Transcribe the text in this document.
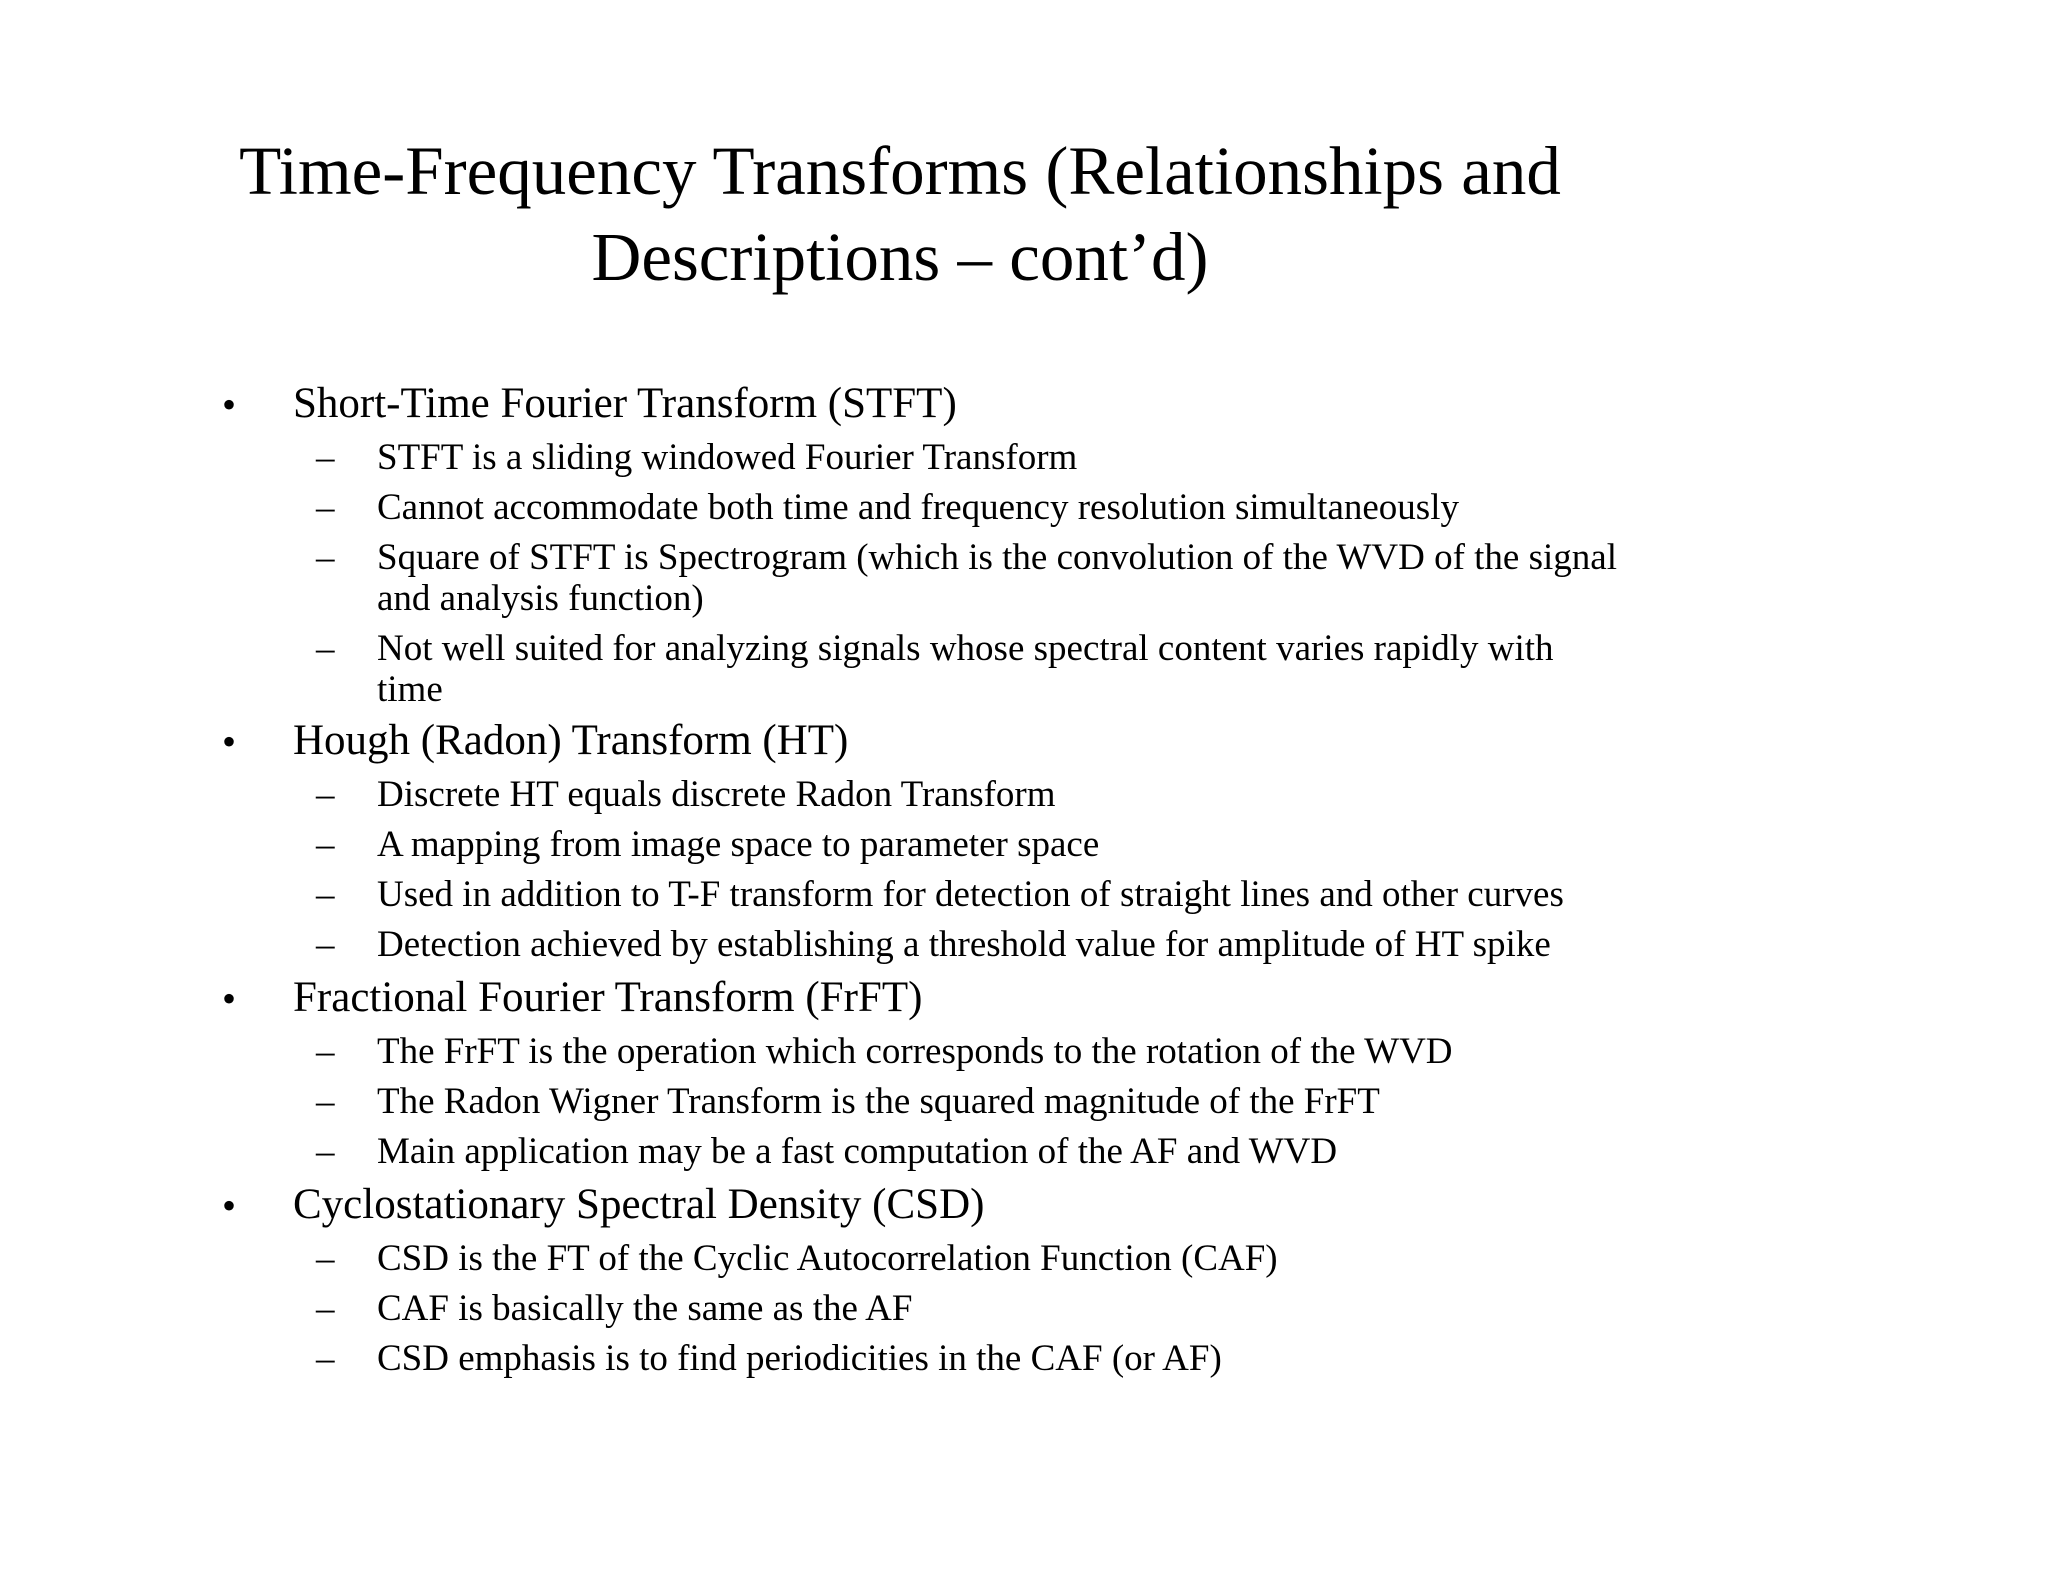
Time-Frequency Transforms (Relationships and
Descriptions – cont’d)
• Short-Time Fourier Transform (STFT)
– STFT is a sliding windowed Fourier Transform
– Cannot accommodate both time and frequency resolution simultaneously
– Square of STFT is Spectrogram (which is the convolution of the WVD of the signal
and analysis function)
– Not well suited for analyzing signals whose spectral content varies rapidly with
time
• Hough (Radon) Transform (HT)
– Discrete HT equals discrete Radon Transform
– A mapping from image space to parameter space
– Used in addition to T-F transform for detection of straight lines and other curves
– Detection achieved by establishing a threshold value for amplitude of HT spike
• Fractional Fourier Transform (FrFT)
– The FrFT is the operation which corresponds to the rotation of the WVD
– The Radon Wigner Transform is the squared magnitude of the FrFT
– Main application may be a fast computation of the AF and WVD
• Cyclostationary Spectral Density (CSD)
– CSD is the FT of the Cyclic Autocorrelation Function (CAF)
– CAF is basically the same as the AF
– CSD emphasis is to find periodicities in the CAF (or AF)
